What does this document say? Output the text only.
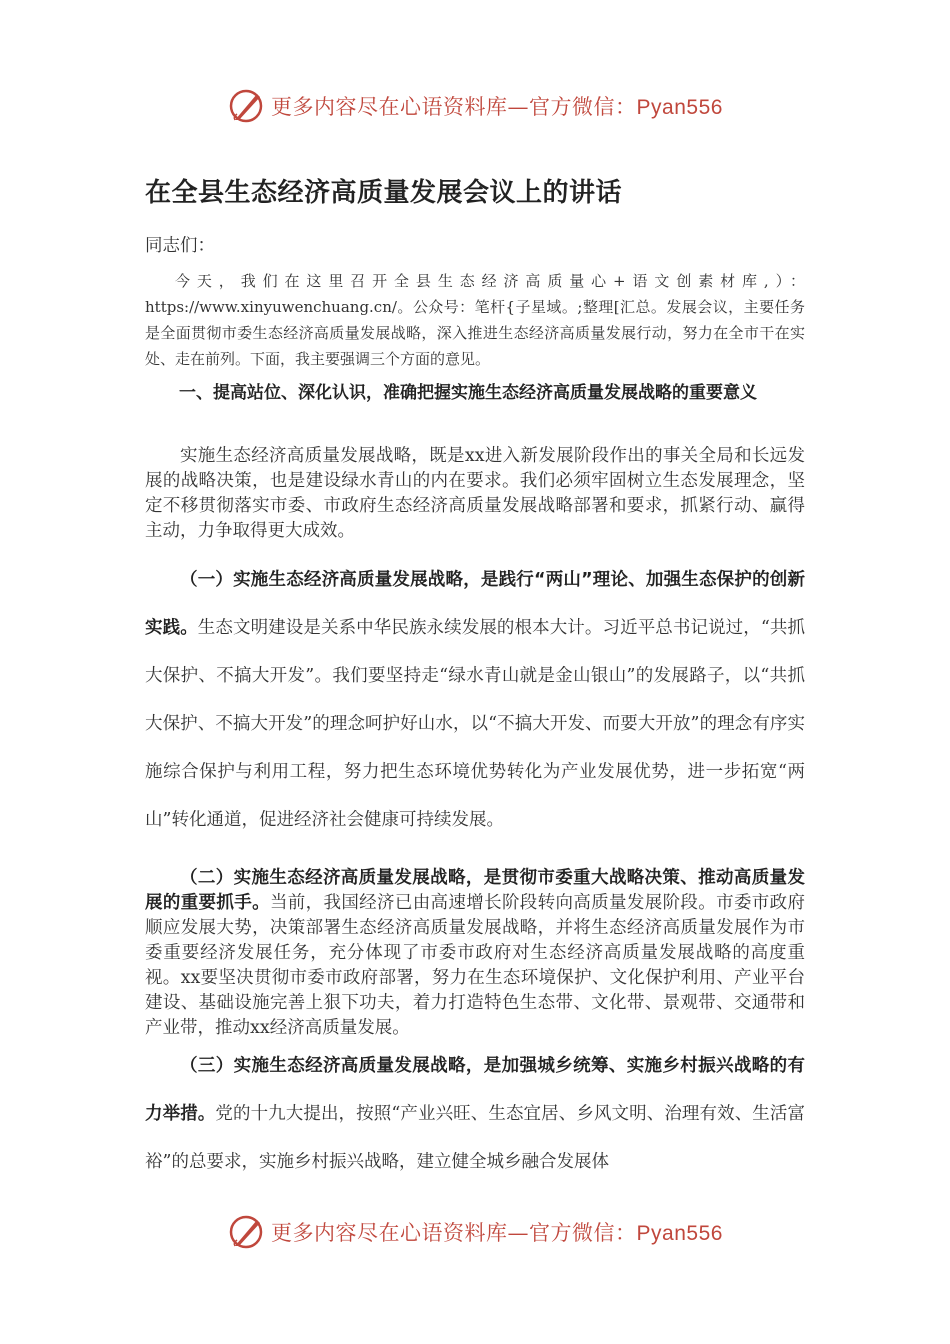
更多内容尽在心语资料库—官方微信：Pyan556
在全县生态经济高质量发展会议上的讲话

同志们：

今天，我们在这里召开全县生态经济高质量心+语文创素材库,）：https://www.xinyuwenchuang.cn/。公众号：笔杆{子星域。;整理[汇总。发展会议，主要任务是全面贯彻市委生态经济高质量发展战略，深入推进生态经济高质量发展行动，努力在全市干在实处、走在前列。下面，我主要强调三个方面的意见。

一、提高站位、深化认识，准确把握实施生态经济高质量发展战略的重要意义

实施生态经济高质量发展战略，既是xx进入新发展阶段作出的事关全局和长远发展的战略决策，也是建设绿水青山的内在要求。我们必须牢固树立生态发展理念，坚定不移贯彻落实市委、市政府生态经济高质量发展战略部署和要求，抓紧行动、赢得主动，力争取得更大成效。

（一）实施生态经济高质量发展战略，是践行“两山”理论、加强生态保护的创新实践。生态文明建设是关系中华民族永续发展的根本大计。习近平总书记说过，“共抓大保护、不搞大开发”。我们要坚持走“绿水青山就是金山银山”的发展路子，以“共抓大保护、不搞大开发”的理念呵护好山水，以“不搞大开发、而要大开放”的理念有序实施综合保护与利用工程，努力把生态环境优势转化为产业发展优势，进一步拓宽“两山”转化通道，促进经济社会健康可持续发展。

（二）实施生态经济高质量发展战略，是贯彻市委重大战略决策、推动高质量发展的重要抓手。当前，我国经济已由高速增长阶段转向高质量发展阶段。市委市政府顺应发展大势，决策部署生态经济高质量发展战略，并将生态经济高质量发展作为市委重要经济发展任务，充分体现了市委市政府对生态经济高质量发展战略的高度重视。xx要坚决贯彻市委市政府部署，努力在生态环境保护、文化保护利用、产业平台建设、基础设施完善上狠下功夫，着力打造特色生态带、文化带、景观带、交通带和产业带，推动xx经济高质量发展。

（三）实施生态经济高质量发展战略，是加强城乡统筹、实施乡村振兴战略的有力举措。党的十九大提出，按照“产业兴旺、生态宜居、乡风文明、治理有效、生活富裕”的总要求，实施乡村振兴战略，建立健全城乡融合发展体

更多内容尽在心语资料库—官方微信：Pyan556
